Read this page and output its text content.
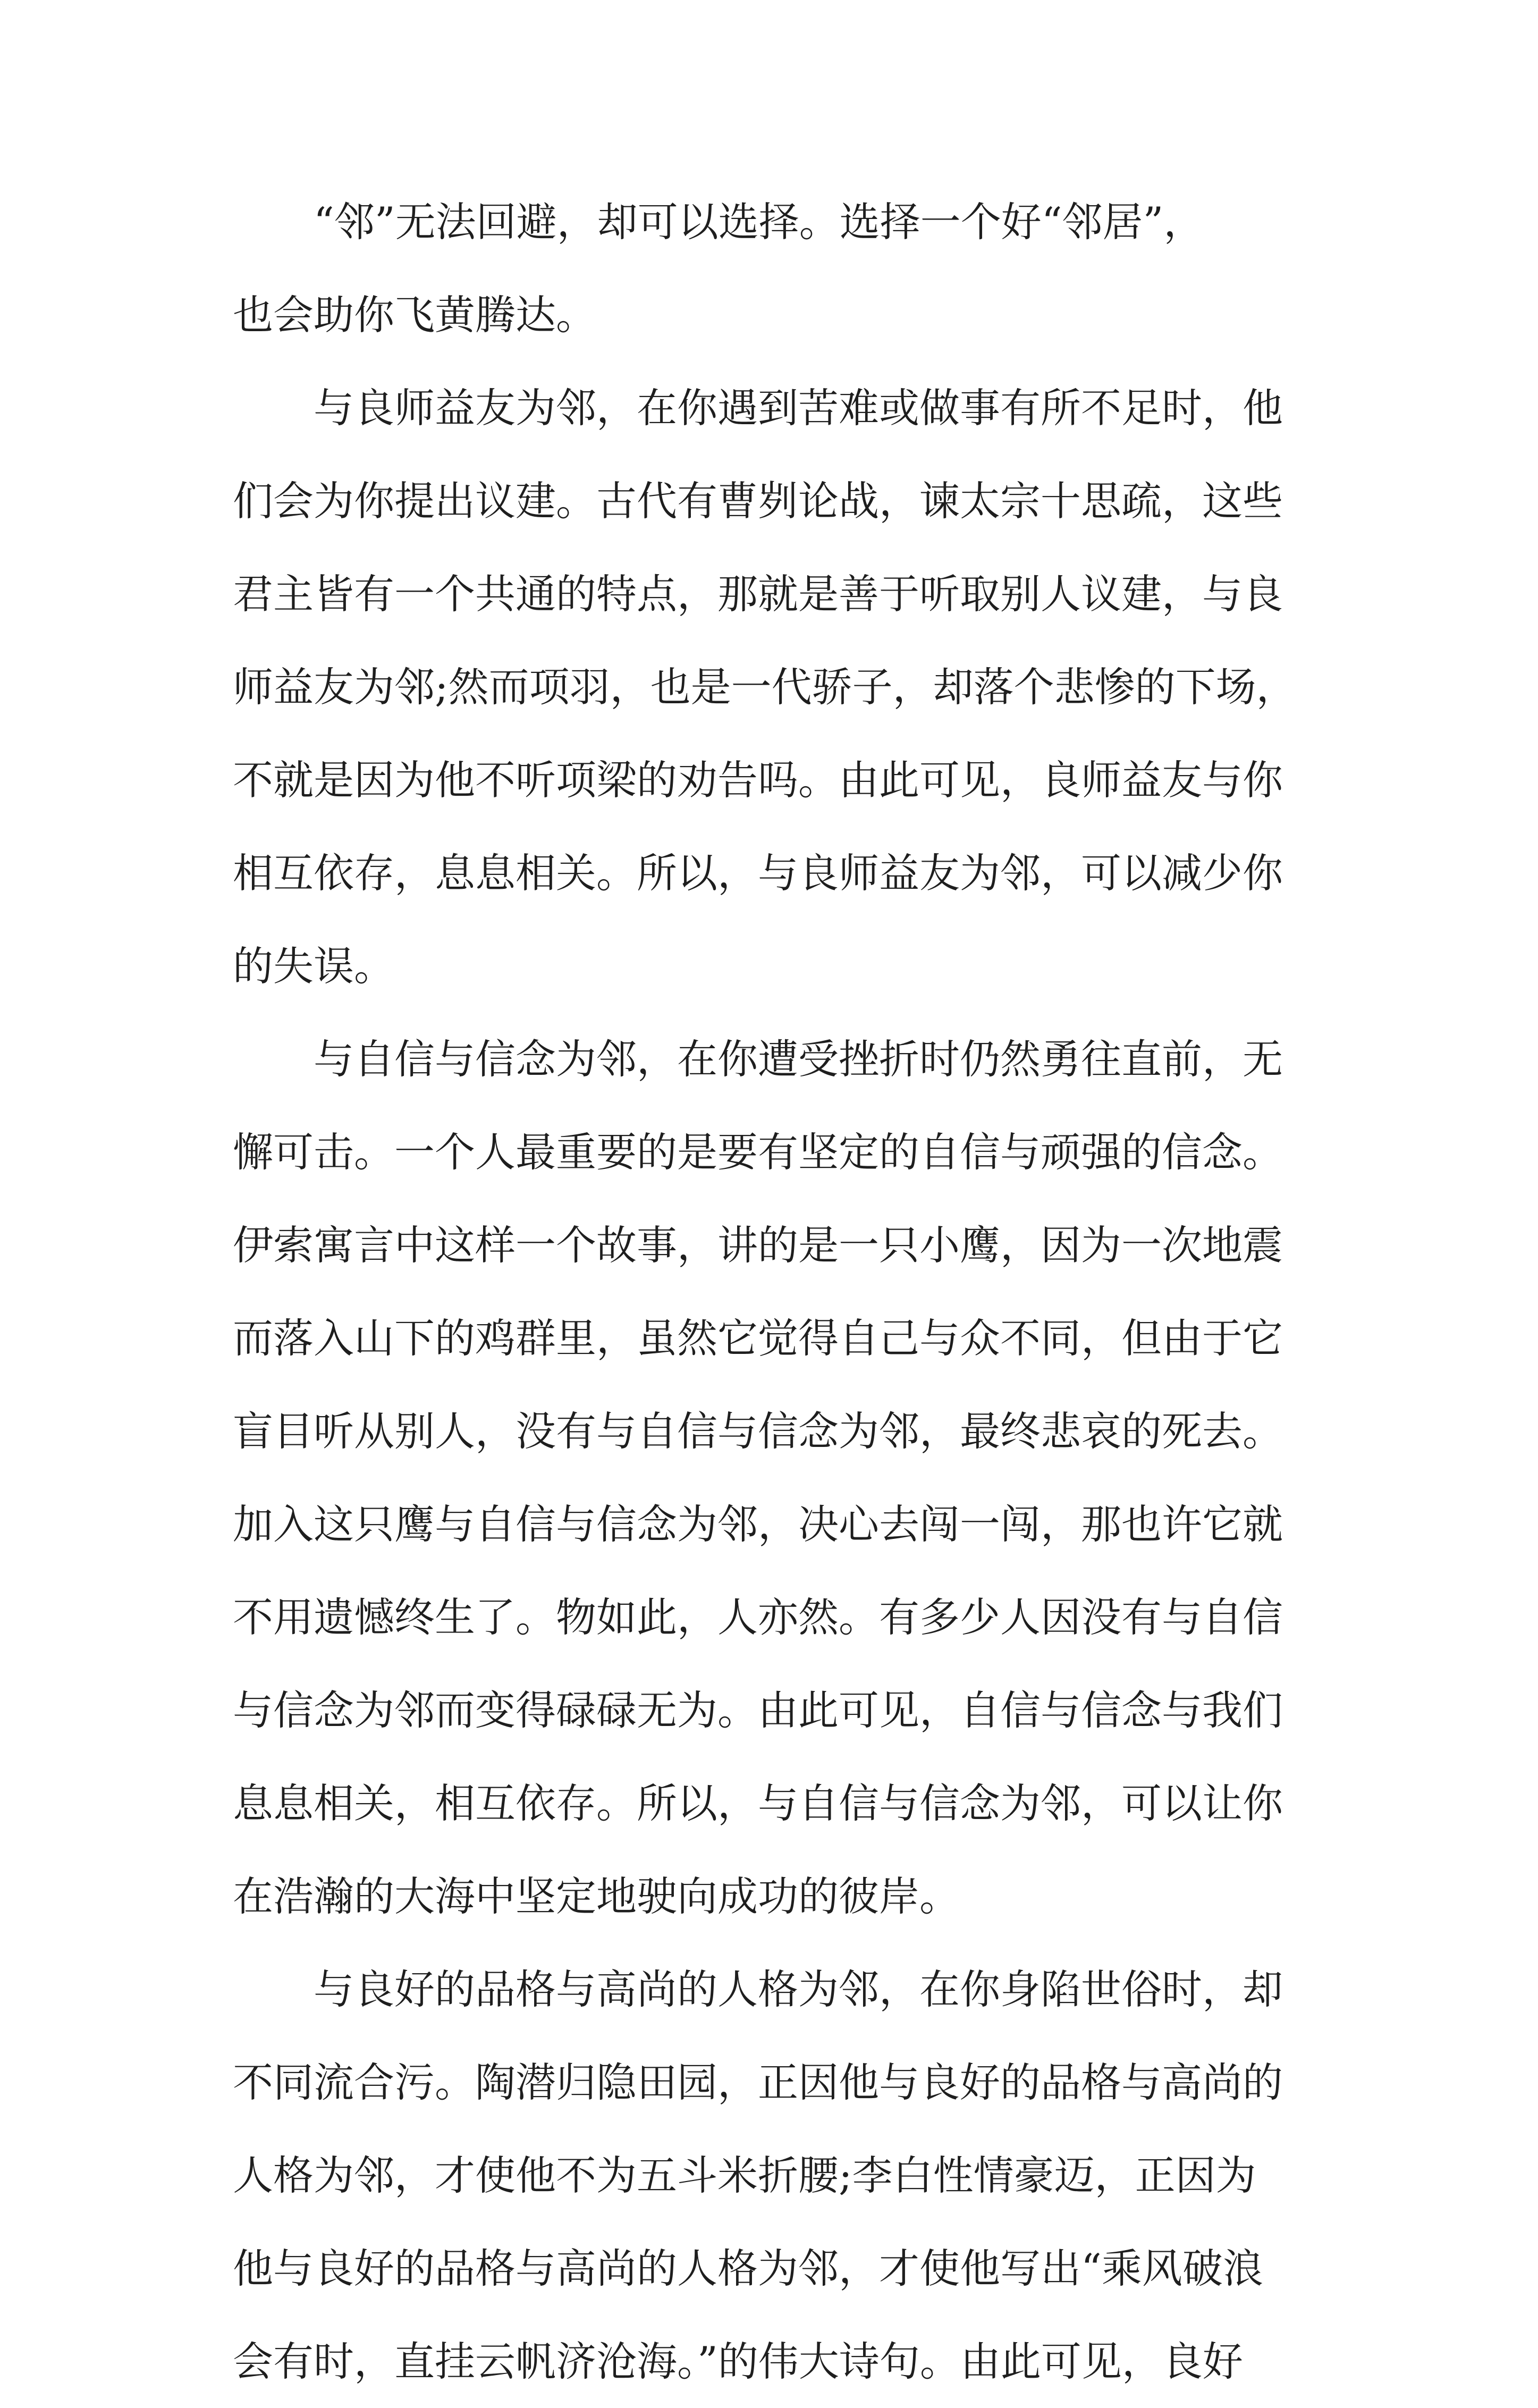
　　“邻”无法回避，却可以选择。选择一个好“邻居”，
也会助你飞黄腾达。
　　与良师益友为邻，在你遇到苦难或做事有所不足时，他
们会为你提出议建。古代有曹刿论战，谏太宗十思疏，这些
君主皆有一个共通的特点，那就是善于听取别人议建，与良
师益友为邻;然而项羽，也是一代骄子，却落个悲惨的下场，
不就是因为他不听项梁的劝告吗。由此可见，良师益友与你
相互依存，息息相关。所以，与良师益友为邻，可以减少你
的失误。
　　与自信与信念为邻，在你遭受挫折时仍然勇往直前，无
懈可击。一个人最重要的是要有坚定的自信与顽强的信念。
伊索寓言中这样一个故事，讲的是一只小鹰，因为一次地震
而落入山下的鸡群里，虽然它觉得自己与众不同，但由于它
盲目听从别人，没有与自信与信念为邻，最终悲哀的死去。
加入这只鹰与自信与信念为邻，决心去闯一闯，那也许它就
不用遗憾终生了。物如此，人亦然。有多少人因没有与自信
与信念为邻而变得碌碌无为。由此可见，自信与信念与我们
息息相关，相互依存。所以，与自信与信念为邻，可以让你
在浩瀚的大海中坚定地驶向成功的彼岸。
　　与良好的品格与高尚的人格为邻，在你身陷世俗时，却
不同流合污。陶潜归隐田园，正因他与良好的品格与高尚的
人格为邻，才使他不为五斗米折腰;李白性情豪迈，正因为
他与良好的品格与高尚的人格为邻，才使他写出“乘风破浪
会有时，直挂云帆济沧海。”的伟大诗句。由此可见，良好
